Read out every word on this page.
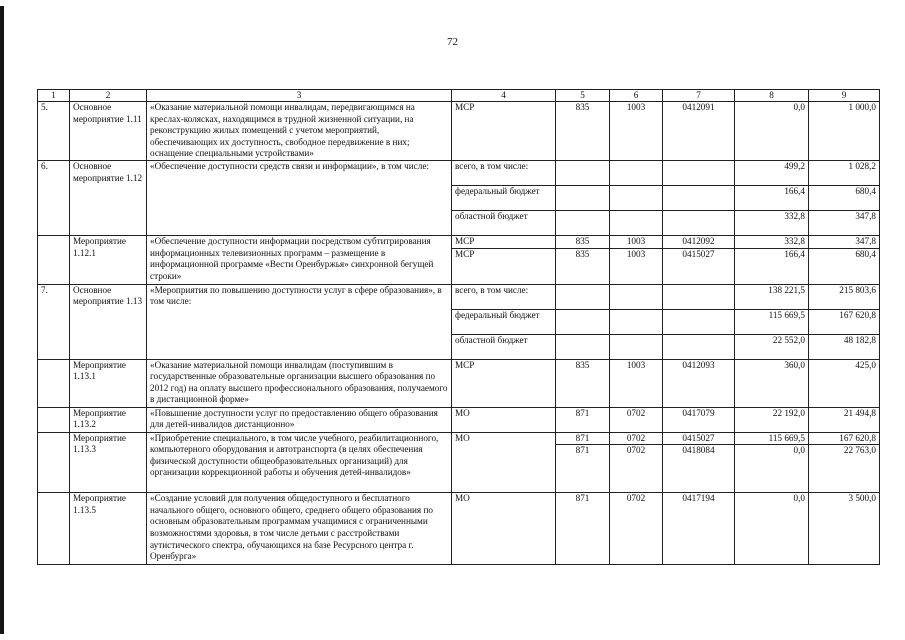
72
1	2	3	4	5	6	7	8	9
5.	Основное мероприятие 1.11	«Оказание материальной помощи инвалидам, передвигающимся на креслах-колясках, находящимся в трудной жизненной ситуации, на реконструкцию жилых помещений с учетом мероприятий, обеспечивающих их доступность, свободное передвижение в них; оснащение специальными устройствами»	МСР	835	1003	0412091	0,0	1 000,0
6.	Основное мероприятие 1.12	«Обеспечение доступности средств связи и информации», в том числе:	всего, в том числе:				499,2	1 028,2
			федеральный бюджет				166,4	680,4
			областной бюджет				332,8	347,8
	Мероприятие 1.12.1	«Обеспечение доступности информации посредством субтитрирования информационных телевизионных программ – размещение в информационной программе «Вести Оренбуржья» синхронной бегущей строки»	МСР	835	1003	0412092	332,8	347,8
			МСР	835	1003	0415027	166,4	680,4
7.	Основное мероприятие 1.13	«Мероприятия по повышению доступности услуг в сфере образования», в том числе:	всего, в том числе:				138 221,5	215 803,6
			федеральный бюджет				115 669,5	167 620,8
			областной бюджет				22 552,0	48 182,8
	Мероприятие 1.13.1	«Оказание материальной помощи инвалидам (поступившим в государственные образовательные организации высшего образования по 2012 год) на оплату высшего профессионального образования, получаемого в дистанционной форме»	МСР	835	1003	0412093	360,0	425,0
	Мероприятие 1.13.2	«Повышение доступности услуг по предоставлению общего образования для детей-инвалидов дистанционно»	МО	871	0702	0417079	22 192,0	21 494,8
	Мероприятие 1.13.3	«Приобретение специального, в том числе учебного, реабилитационного, компьютерного оборудования и автотранспорта (в целях обеспечения физической доступности общеобразовательных организаций) для организации коррекционной работы и обучения детей-инвалидов»	МО	871	0702	0415027	115 669,5	167 620,8
				871	0702	0418084	0,0	22 763,0
	Мероприятие 1.13.5	«Создание условий для получения общедоступного и бесплатного начального общего, основного общего, среднего общего образования по основным образовательным программам учащимися с ограниченными возможностями здоровья, в том числе детьми с расстройствами аутистического спектра, обучающихся на базе Ресурсного центра г. Оренбурга»	МО	871	0702	0417194	0,0	3 500,0
